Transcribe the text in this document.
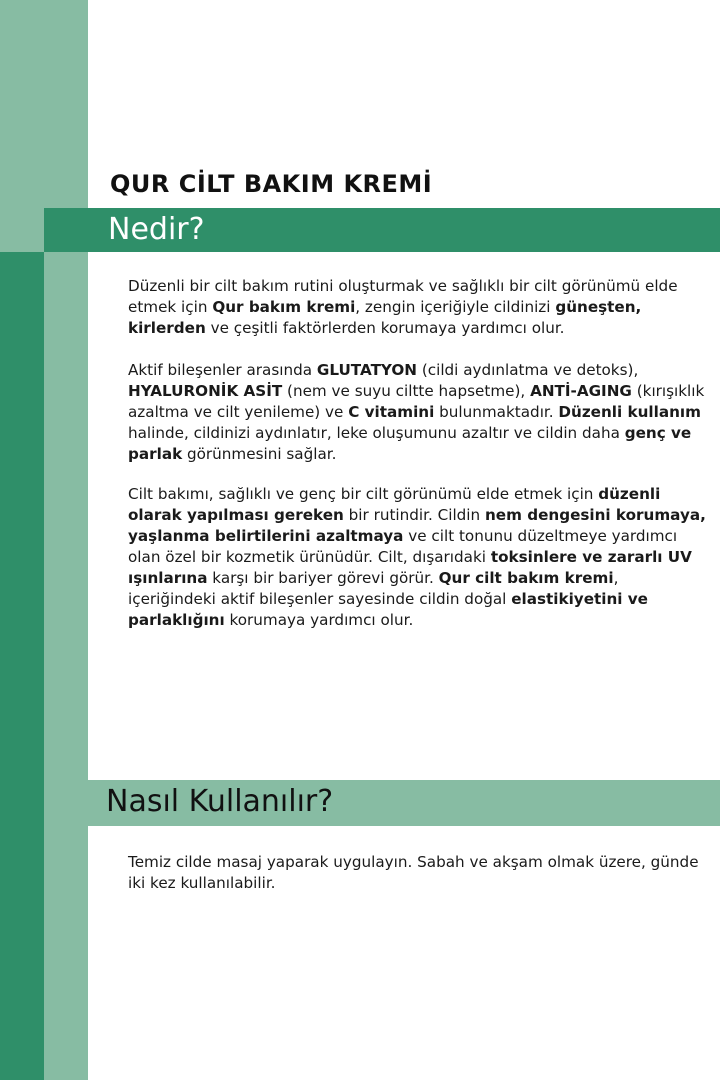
QUR CİLT BAKIM KREMİ
Nedir?
Düzenli bir cilt bakım rutini oluşturmak ve sağlıklı bir cilt görünümü elde etmek için Qur bakım kremi, zengin içeriğiyle cildinizi güneşten, kirlerden ve çeşitli faktörlerden korumaya yardımcı olur.
Aktif bileşenler arasında GLUTATYON (cildi aydınlatma ve detoks), HYALURONİK ASİT (nem ve suyu ciltte hapsetme), ANTİ-AGING (kırışıklık azaltma ve cilt yenileme) ve C vitamini bulunmaktadır. Düzenli kullanım halinde, cildinizi aydınlatır, leke oluşumunu azaltır ve cildin daha genç ve parlak görünmesini sağlar.
Cilt bakımı, sağlıklı ve genç bir cilt görünümü elde etmek için düzenli olarak yapılması gereken bir rutindir. Cildin nem dengesini korumaya, yaşlanma belirtilerini azaltmaya ve cilt tonunu düzeltmeye yardımcı olan özel bir kozmetik ürünüdür. Cilt, dışarıdaki toksinlere ve zararlı UV ışınlarına karşı bir bariyer görevi görür. Qur cilt bakım kremi, içeriğindeki aktif bileşenler sayesinde cildin doğal elastikiyetini ve parlaklığını korumaya yardımcı olur.
Nasıl Kullanılır?
Temiz cilde masaj yaparak uygulayın. Sabah ve akşam olmak üzere, günde iki kez kullanılabilir.
